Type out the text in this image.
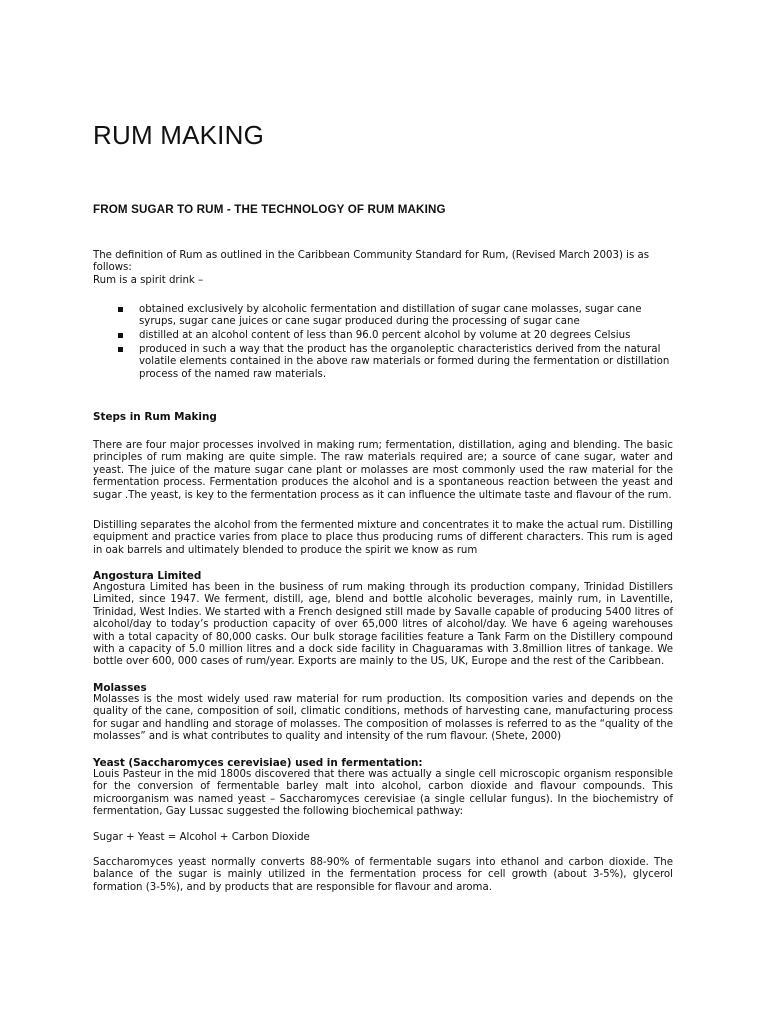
RUM MAKING
FROM SUGAR TO RUM - THE TECHNOLOGY OF RUM MAKING

The definition of Rum as outlined in the Caribbean Community Standard for Rum, (Revised March 2003) is as follows:

Rum is a spirit drink –

obtained exclusively by alcoholic fermentation and distillation of sugar cane molasses, sugar cane syrups, sugar cane juices or cane sugar produced during the processing of sugar cane
distilled at an alcohol content of less than 96.0 percent alcohol by volume at 20 degrees Celsius
produced in such a way that the product has the organoleptic characteristics derived from the natural volatile elements contained in the above raw materials or formed during the fermentation or distillation process of the named raw materials.
Steps in Rum Making

There are four major processes involved in making rum; fermentation, distillation, aging and blending. The basic principles of rum making are quite simple. The raw materials required are; a source of cane sugar, water and yeast. The juice of the mature sugar cane plant or molasses are most commonly used the raw material for the fermentation process. Fermentation produces the alcohol and is a spontaneous reaction between the yeast and sugar .The yeast, is key to the fermentation process as it can influence the ultimate taste and flavour of the rum.

Distilling separates the alcohol from the fermented mixture and concentrates it to make the actual rum. Distilling equipment and practice varies from place to place thus producing rums of different characters. This rum is aged in oak barrels and ultimately blended to produce the spirit we know as rum

Angostura Limited

Angostura Limited has been in the business of rum making through its production company, Trinidad Distillers Limited, since 1947. We ferment, distill, age, blend and bottle alcoholic beverages, mainly rum, in Laventille, Trinidad, West Indies. We started with a French designed still made by Savalle capable of producing 5400 litres of alcohol/day to today’s production capacity of over 65,000 litres of alcohol/day. We have 6 ageing warehouses with a total capacity of 80,000 casks. Our bulk storage facilities feature a Tank Farm on the Distillery compound with a capacity of 5.0 million litres and a dock side facility in Chaguaramas with 3.8million litres of tankage. We bottle over 600, 000 cases of rum/year. Exports are mainly to the US, UK, Europe and the rest of the Caribbean.

Molasses

Molasses is the most widely used raw material for rum production. Its composition varies and depends on the quality of the cane, composition of soil, climatic conditions, methods of harvesting cane, manufacturing process for sugar and handling and storage of molasses. The composition of molasses is referred to as the “quality of the molasses” and is what contributes to quality and intensity of the rum flavour. (Shete, 2000)

Yeast (Saccharomyces cerevisiae) used in fermentation:

Louis Pasteur in the mid 1800s discovered that there was actually a single cell microscopic organism responsible for the conversion of fermentable barley malt into alcohol, carbon dioxide and flavour compounds. This microorganism was named yeast – Saccharomyces cerevisiae (a single cellular fungus). In the biochemistry of fermentation, Gay Lussac suggested the following biochemical pathway:

Sugar + Yeast = Alcohol + Carbon Dioxide

Saccharomyces yeast normally converts 88-90% of fermentable sugars into ethanol and carbon dioxide. The balance of the sugar is mainly utilized in the fermentation process for cell growth (about 3-5%), glycerol formation (3-5%), and by products that are responsible for flavour and aroma.
